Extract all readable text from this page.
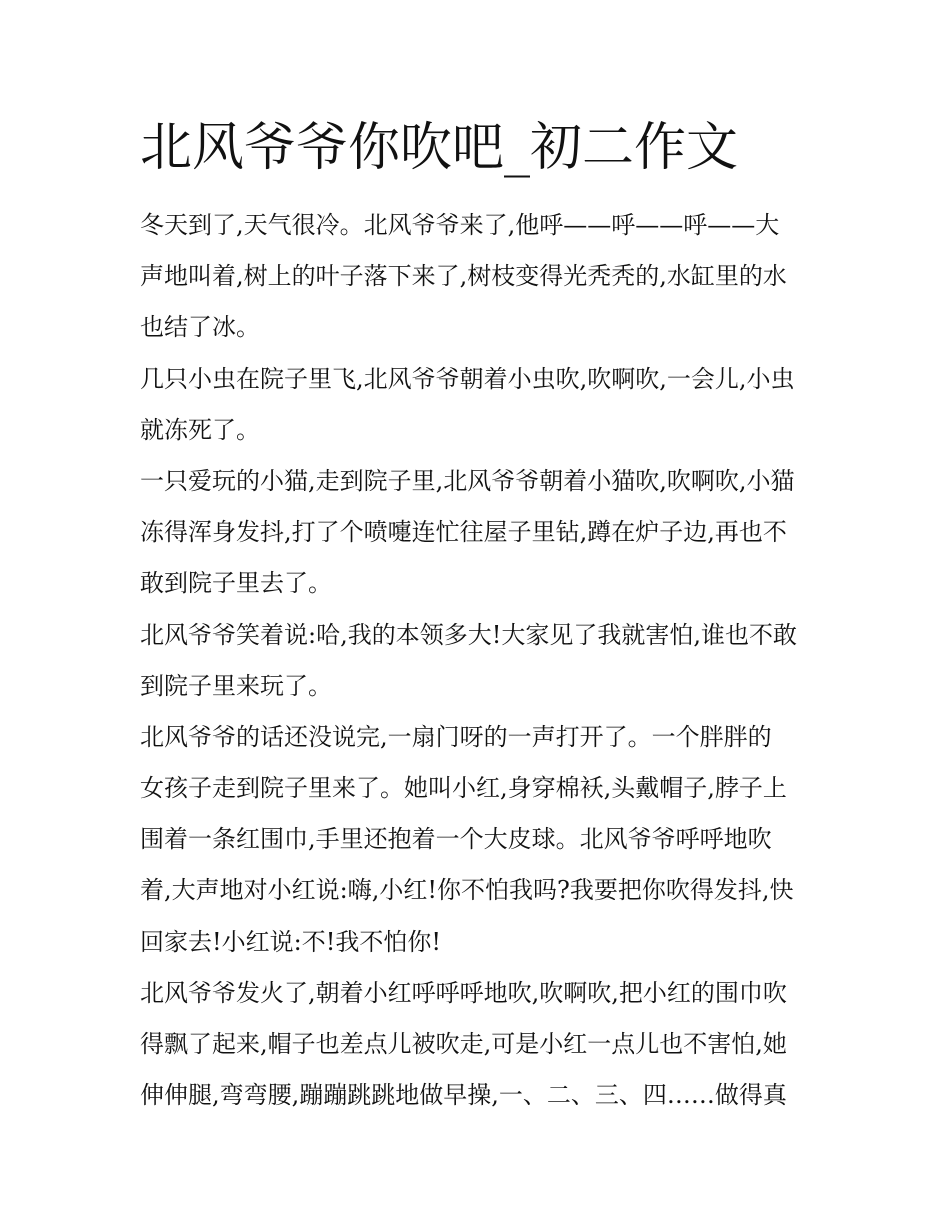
北风爷爷你吹吧_初二作文
冬天到了,天气很冷。北风爷爷来了,他呼——呼——呼——大
声地叫着,树上的叶子落下来了,树枝变得光秃秃的,水缸里的水
也结了冰。
几只小虫在院子里飞,北风爷爷朝着小虫吹,吹啊吹,一会儿,小虫
就冻死了。
一只爱玩的小猫,走到院子里,北风爷爷朝着小猫吹,吹啊吹,小猫
冻得浑身发抖,打了个喷嚏连忙往屋子里钻,蹲在炉子边,再也不
敢到院子里去了。
北风爷爷笑着说:哈,我的本领多大!大家见了我就害怕,谁也不敢
到院子里来玩了。
北风爷爷的话还没说完,一扇门呀的一声打开了。一个胖胖的
女孩子走到院子里来了。她叫小红,身穿棉袄,头戴帽子,脖子上
围着一条红围巾,手里还抱着一个大皮球。北风爷爷呼呼地吹
着,大声地对小红说:嗨,小红!你不怕我吗?我要把你吹得发抖,快
回家去!小红说:不!我不怕你!
北风爷爷发火了,朝着小红呼呼呼地吹,吹啊吹,把小红的围巾吹
得飘了起来,帽子也差点儿被吹走,可是小红一点儿也不害怕,她
伸伸腿,弯弯腰,蹦蹦跳跳地做早操,一、二、三、四……做得真
